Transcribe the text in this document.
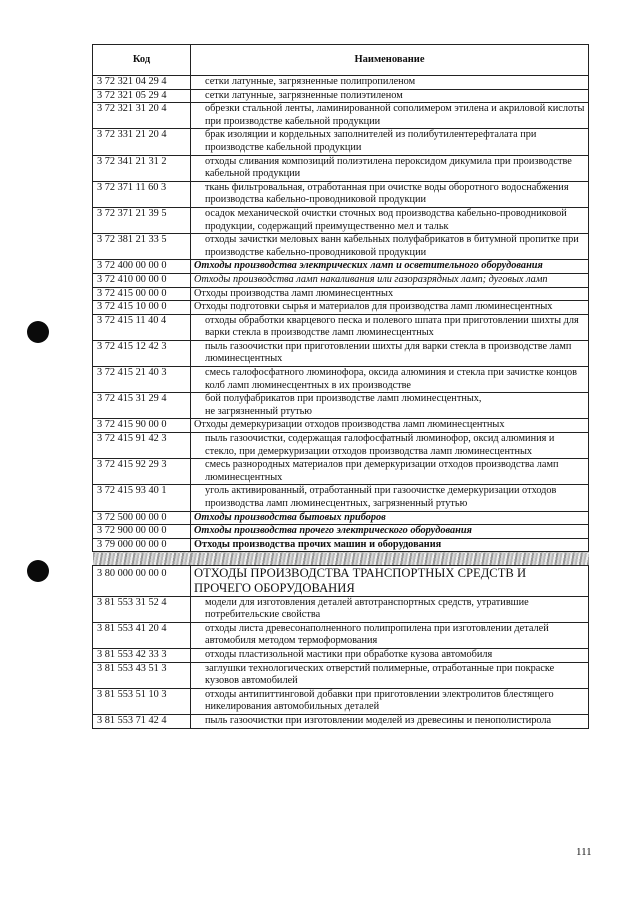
Код	Наименование
3 72 321 04 29 4	сетки латунные, загрязненные полипропиленом
3 72 321 05 29 4	сетки латунные, загрязненные полиэтиленом
3 72 321 31 20 4	обрезки стальной ленты, ламинированной сополимером этилена и акриловой кислоты при производстве кабельной продукции
3 72 331 21 20 4	брак изоляции и кордельных заполнителей из полибутилентерефталата при производстве кабельной продукции
3 72 341 21 31 2	отходы сливания композиций полиэтилена пероксидом дикумила при производстве кабельной продукции
3 72 371 11 60 3	ткань фильтровальная, отработанная при очистке воды оборотного водоснабжения производства кабельно-проводниковой продукции
3 72 371 21 39 5	осадок механической очистки сточных вод производства кабельно-проводниковой продукции, содержащий преимущественно мел и тальк
3 72 381 21 33 5	отходы зачистки меловых ванн кабельных полуфабрикатов в битумной пропитке при производстве кабельно-проводниковой продукции
3 72 400 00 00 0	Отходы производства электрических ламп и осветительного оборудования
3 72 410 00 00 0	Отходы производства ламп накаливания или газоразрядных ламп; дуговых ламп
3 72 415 00 00 0	Отходы производства ламп люминесцентных
3 72 415 10 00 0	Отходы подготовки сырья и материалов для производства ламп люминесцентных
3 72 415 11 40 4	отходы обработки кварцевого песка и полевого шпата при приготовлении шихты для варки стекла в производстве ламп люминесцентных
3 72 415 12 42 3	пыль газоочистки при приготовлении шихты для варки стекла в производстве ламп люминесцентных
3 72 415 21 40 3	смесь галофосфатного люминофора, оксида алюминия и стекла при зачистке концов колб ламп люминесцентных в их производстве
3 72 415 31 29 4	бой полуфабрикатов при производстве ламп люминесцентных,
не загрязненный ртутью
3 72 415 90 00 0	Отходы демеркуризации отходов производства ламп люминесцентных
3 72 415 91 42 3	пыль газоочистки, содержащая галофосфатный люминофор, оксид алюминия и стекло, при демеркуризации отходов производства ламп люминесцентных
3 72 415 92 29 3	смесь разнородных материалов при демеркуризации отходов производства ламп люминесцентных
3 72 415 93 40 1	уголь активированный, отработанный при газоочистке демеркуризации отходов производства ламп люминесцентных, загрязненный ртутью
3 72 500 00 00 0	Отходы производства бытовых приборов
3 72 900 00 00 0	Отходы производства прочего электрического оборудования
3 79 000 00 00 0	Отходы производства прочих машин и оборудования

3 80 000 00 00 0	ОТХОДЫ ПРОИЗВОДСТВА ТРАНСПОРТНЫХ СРЕДСТВ И ПРОЧЕГО ОБОРУДОВАНИЯ
3 81 553 31 52 4	модели для изготовления деталей автотранспортных средств, утратившие потребительские свойства
3 81 553 41 20 4	отходы листа древесонаполненного полипропилена при изготовлении деталей автомобиля методом термоформования
3 81 553 42 33 3	отходы пластизольной мастики при обработке кузова автомобиля
3 81 553 43 51 3	заглушки технологических отверстий полимерные, отработанные при покраске кузовов автомобилей
3 81 553 51 10 3	отходы антипиттинговой добавки при приготовлении электролитов блестящего никелирования автомобильных деталей
3 81 553 71 42 4	пыль газоочистки при изготовлении моделей из древесины и пенополистирола
111
